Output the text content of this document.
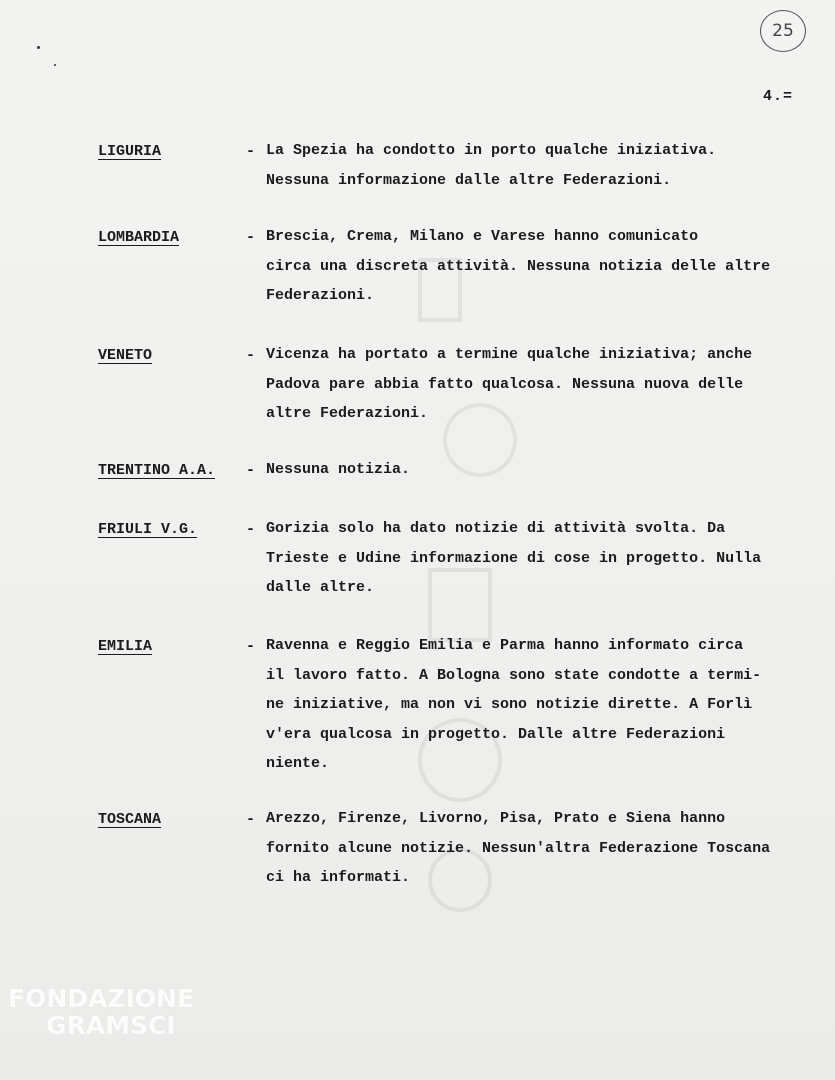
25
4.=
LIGURIA	- La Spezia ha condotto in porto qualche iniziativa.
Nessuna informazione dalle altre Federazioni.
LOMBARDIA	- Brescia, Crema, Milano e Varese hanno comunicato
circa una discreta attività. Nessuna notizia delle altre
Federazioni.
VENETO	- Vicenza ha portato a termine qualche iniziativa; anche
Padova pare abbia fatto qualcosa. Nessuna nuova delle
altre Federazioni.
TRENTINO A.A. - Nessuna notizia.
FRIULI V.G.	- Gorizia solo ha dato notizie di attività svolta. Da
Trieste e Udine informazione di cose in progetto. Nulla
dalle altre.
EMILIA	- Ravenna e Reggio Emilia e Parma hanno informato circa
il lavoro fatto. A Bologna sono state condotte a termi-
ne iniziative, ma non vi sono notizie dirette. A Forlì
v'era qualcosa in progetto. Dalle altre Federazioni
niente.
TOSCANA	- Arezzo, Firenze, Livorno, Pisa, Prato e Siena hanno
fornito alcune notizie. Nessun'altra Federazione Toscana
ci ha informati.
FONDAZIONE
GRAMSCI
